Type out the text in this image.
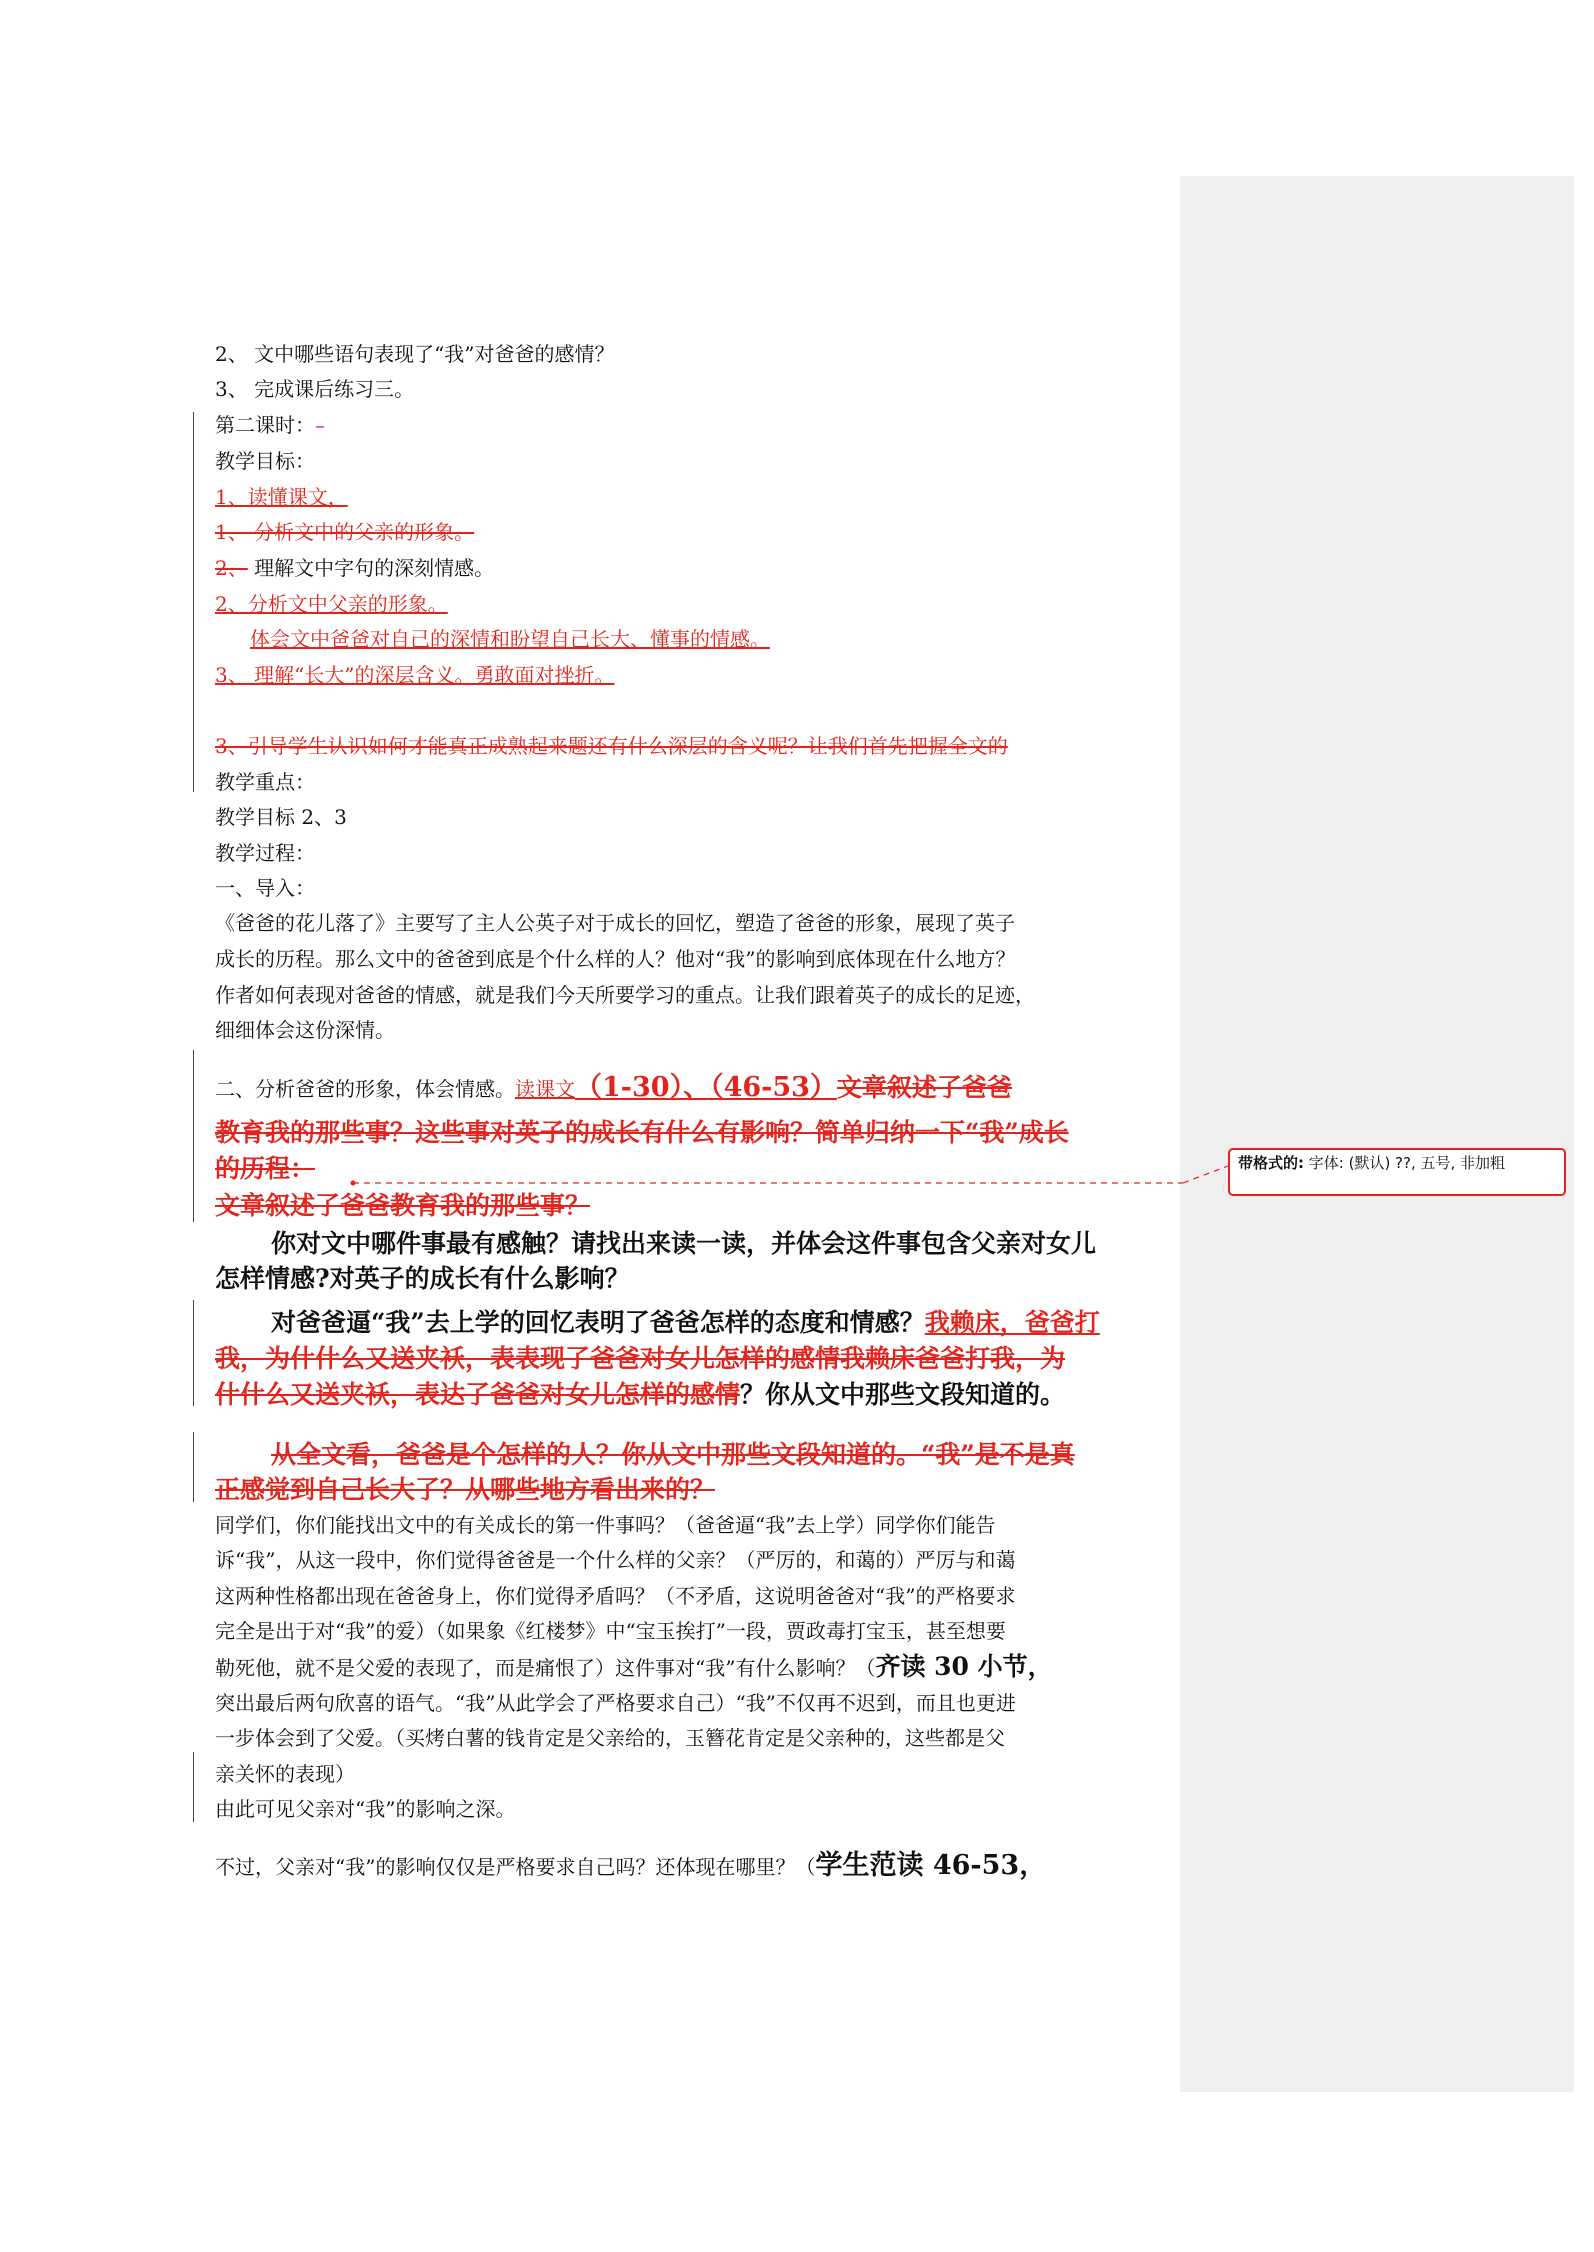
2、 文中哪些语句表现了“我”对爸爸的感情？
3、 完成课后练习三。
第二课时：–
教学目标：
1、读懂课文，
1、 分析文中的父亲的形象。
2、 理解文中字句的深刻情感。
2、分析文中父亲的形象。
体会文中爸爸对自己的深情和盼望自己长大、懂事的情感。
3、 理解“长大”的深层含义。勇敢面对挫折。
3、引导学生认识如何才能真正成熟起来题还有什么深层的含义呢？让我们首先把握全文的
教学重点：
教学目标 2、3
教学过程：
一、导入：
《爸爸的花儿落了》主要写了主人公英子对于成长的回忆，塑造了爸爸的形象，展现了英子
成长的历程。那么文中的爸爸到底是个什么样的人？他对“我”的影响到底体现在什么地方？
作者如何表现对爸爸的情感，就是我们今天所要学习的重点。让我们跟着英子的成长的足迹，
细细体会这份深情。
二、分析爸爸的形象，体会情感。读课文（1-30）、（46-53）文章叙述了爸爸
教育我的那些事？这些事对英子的成长有什么有影响？简单归纳一下“我”成长
的历程：
文章叙述了爸爸教育我的那些事？
你对文中哪件事最有感触？请找出来读一读，并体会这件事包含父亲对女儿
怎样情感?对英子的成长有什么影响？
对爸爸逼“我”去上学的回忆表明了爸爸怎样的态度和情感？我赖床，爸爸打
我，为什什么又送夹袄，表表现了爸爸对女儿怎样的感情我赖床爸爸打我，为
什什么又送夹袄，表达了爸爸对女儿怎样的感情？你从文中那些文段知道的。
从全文看，爸爸是个怎样的人？你从文中那些文段知道的。“我”是不是真
正感觉到自己长大了？从哪些地方看出来的？
同学们，你们能找出文中的有关成长的第一件事吗？（爸爸逼“我”去上学）同学你们能告
诉“我”，从这一段中，你们觉得爸爸是一个什么样的父亲？（严厉的，和蔼的）严厉与和蔼
这两种性格都出现在爸爸身上，你们觉得矛盾吗？（不矛盾，这说明爸爸对“我”的严格要求
完全是出于对“我”的爱）（如果象《红楼梦》中“宝玉挨打”一段，贾政毒打宝玉，甚至想要
勒死他，就不是父爱的表现了，而是痛恨了）这件事对“我”有什么影响？（齐读 30 小节，
突出最后两句欣喜的语气。“我”从此学会了严格要求自己）“我”不仅再不迟到，而且也更进
一步体会到了父爱。（买烤白薯的钱肯定是父亲给的，玉簪花肯定是父亲种的，这些都是父
亲关怀的表现）
由此可见父亲对“我”的影响之深。
不过，父亲对“我”的影响仅仅是严格要求自己吗？还体现在哪里？（学生范读 46-53，
带格式的: 字体: (默认) ??, 五号, 非加粗
